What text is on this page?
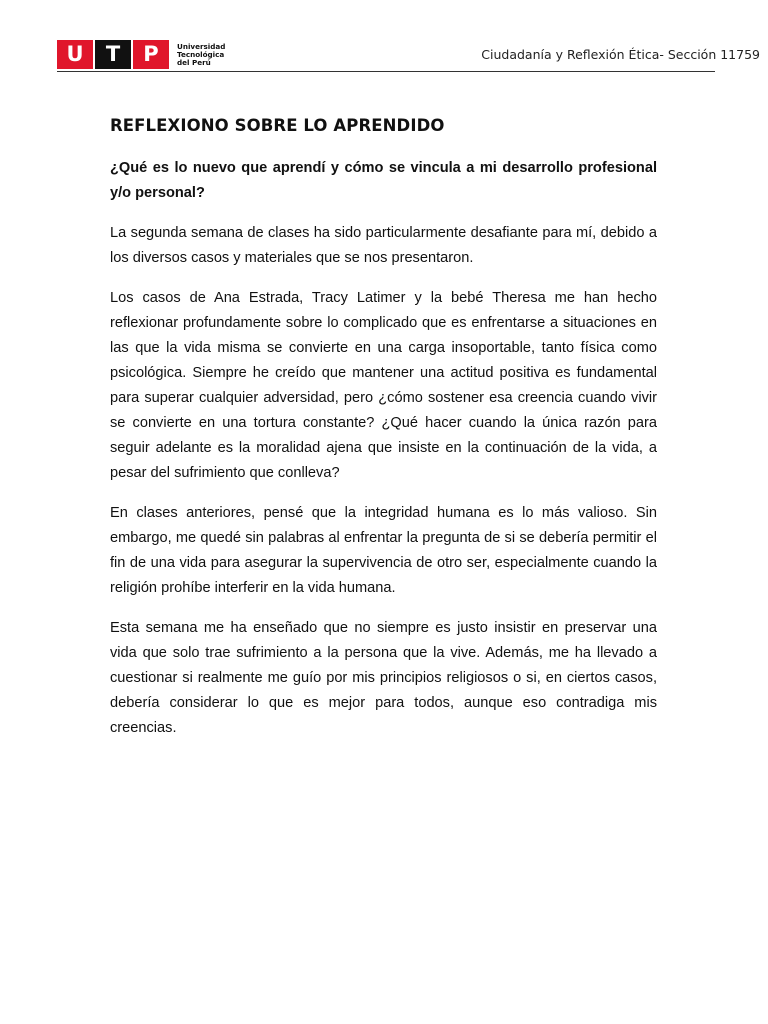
U	T	P	Universidad
Tecnológica
del Perú	Ciudadanía y Reflexión Ética- Sección 11759
REFLEXIONO SOBRE LO APRENDIDO

¿Qué es lo nuevo que aprendí y cómo se vincula a mi desarrollo profesional y/o personal?

La segunda semana de clases ha sido particularmente desafiante para mí, debido a los diversos casos y materiales que se nos presentaron.

Los casos de Ana Estrada, Tracy Latimer y la bebé Theresa me han hecho reflexionar profundamente sobre lo complicado que es enfrentarse a situaciones en las que la vida misma se convierte en una carga insoportable, tanto física como psicológica. Siempre he creído que mantener una actitud positiva es fundamental para superar cualquier adversidad, pero ¿cómo sostener esa creencia cuando vivir se convierte en una tortura constante? ¿Qué hacer cuando la única razón para seguir adelante es la moralidad ajena que insiste en la continuación de la vida, a pesar del sufrimiento que conlleva?

En clases anteriores, pensé que la integridad humana es lo más valioso. Sin embargo, me quedé sin palabras al enfrentar la pregunta de si se debería permitir el fin de una vida para asegurar la supervivencia de otro ser, especialmente cuando la religión prohíbe interferir en la vida humana.

Esta semana me ha enseñado que no siempre es justo insistir en preservar una vida que solo trae sufrimiento a la persona que la vive. Además, me ha llevado a cuestionar si realmente me guío por mis principios religiosos o si, en ciertos casos, debería considerar lo que es mejor para todos, aunque eso contradiga mis creencias.
